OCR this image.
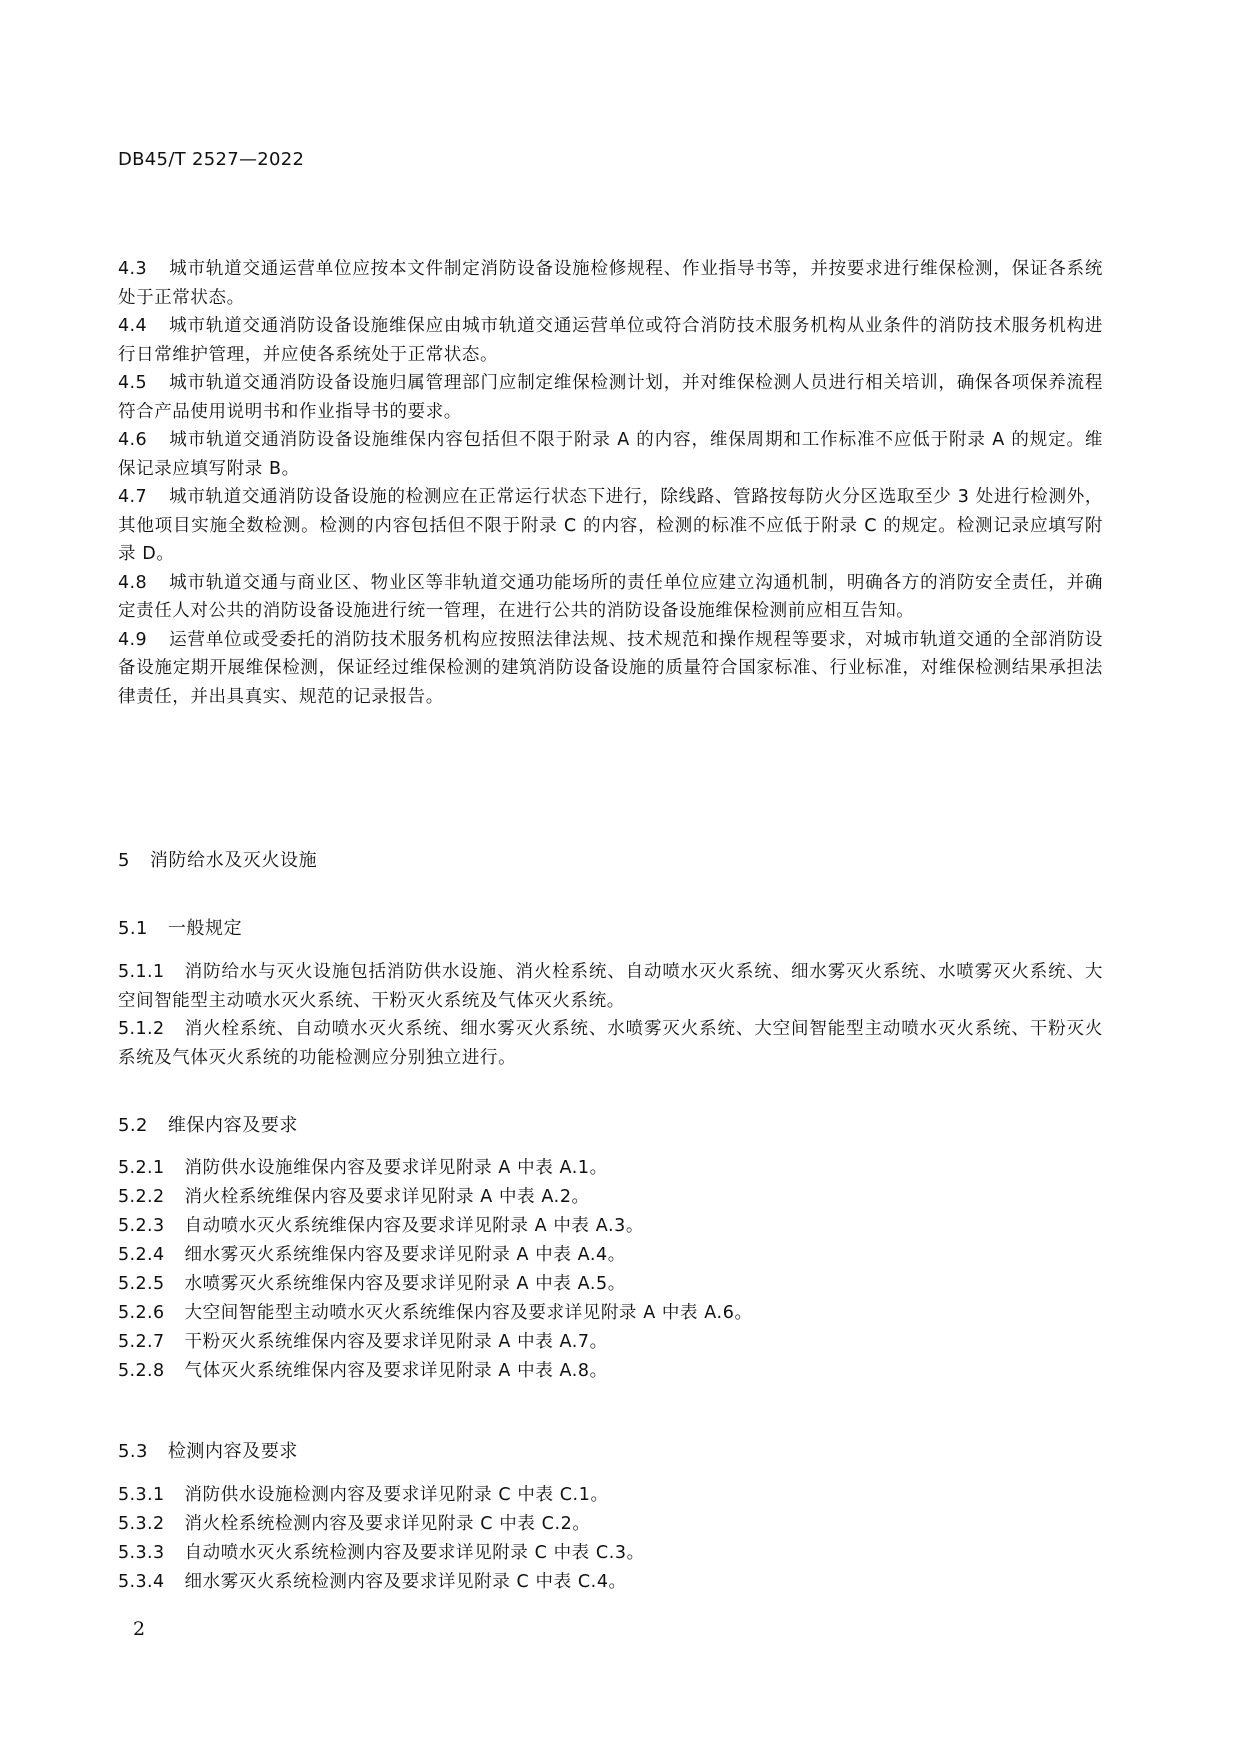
DB45/T 2527—2022

4.3 城市轨道交通运营单位应按本文件制定消防设备设施检修规程、作业指导书等，并按要求进行维保检测，保证各系统处于正常状态。

4.4 城市轨道交通消防设备设施维保应由城市轨道交通运营单位或符合消防技术服务机构从业条件的消防技术服务机构进行日常维护管理，并应使各系统处于正常状态。

4.5 城市轨道交通消防设备设施归属管理部门应制定维保检测计划，并对维保检测人员进行相关培训，确保各项保养流程符合产品使用说明书和作业指导书的要求。

4.6 城市轨道交通消防设备设施维保内容包括但不限于附录 A 的内容，维保周期和工作标准不应低于附录 A 的规定。维保记录应填写附录 B。

4.7 城市轨道交通消防设备设施的检测应在正常运行状态下进行，除线路、管路按每防火分区选取至少 3 处进行检测外，其他项目实施全数检测。检测的内容包括但不限于附录 C 的内容，检测的标准不应低于附录 C 的规定。检测记录应填写附录 D。

4.8 城市轨道交通与商业区、物业区等非轨道交通功能场所的责任单位应建立沟通机制，明确各方的消防安全责任，并确定责任人对公共的消防设备设施进行统一管理，在进行公共的消防设备设施维保检测前应相互告知。

4.9 运营单位或受委托的消防技术服务机构应按照法律法规、技术规范和操作规程等要求，对城市轨道交通的全部消防设备设施定期开展维保检测，保证经过维保检测的建筑消防设备设施的质量符合国家标准、行业标准，对维保检测结果承担法律责任，并出具真实、规范的记录报告。

5 消防给水及灭火设施
5.1 一般规定

5.1.1 消防给水与灭火设施包括消防供水设施、消火栓系统、自动喷水灭火系统、细水雾灭火系统、水喷雾灭火系统、大空间智能型主动喷水灭火系统、干粉灭火系统及气体灭火系统。

5.1.2 消火栓系统、自动喷水灭火系统、细水雾灭火系统、水喷雾灭火系统、大空间智能型主动喷水灭火系统、干粉灭火系统及气体灭火系统的功能检测应分别独立进行。

5.2 维保内容及要求

5.2.1 消防供水设施维保内容及要求详见附录 A 中表 A.1。

5.2.2 消火栓系统维保内容及要求详见附录 A 中表 A.2。

5.2.3 自动喷水灭火系统维保内容及要求详见附录 A 中表 A.3。

5.2.4 细水雾灭火系统维保内容及要求详见附录 A 中表 A.4。

5.2.5 水喷雾灭火系统维保内容及要求详见附录 A 中表 A.5。

5.2.6 大空间智能型主动喷水灭火系统维保内容及要求详见附录 A 中表 A.6。

5.2.7 干粉灭火系统维保内容及要求详见附录 A 中表 A.7。

5.2.8 气体灭火系统维保内容及要求详见附录 A 中表 A.8。

5.3 检测内容及要求

5.3.1 消防供水设施检测内容及要求详见附录 C 中表 C.1。

5.3.2 消火栓系统检测内容及要求详见附录 C 中表 C.2。

5.3.3 自动喷水灭火系统检测内容及要求详见附录 C 中表 C.3。

5.3.4 细水雾灭火系统检测内容及要求详见附录 C 中表 C.4。

2
